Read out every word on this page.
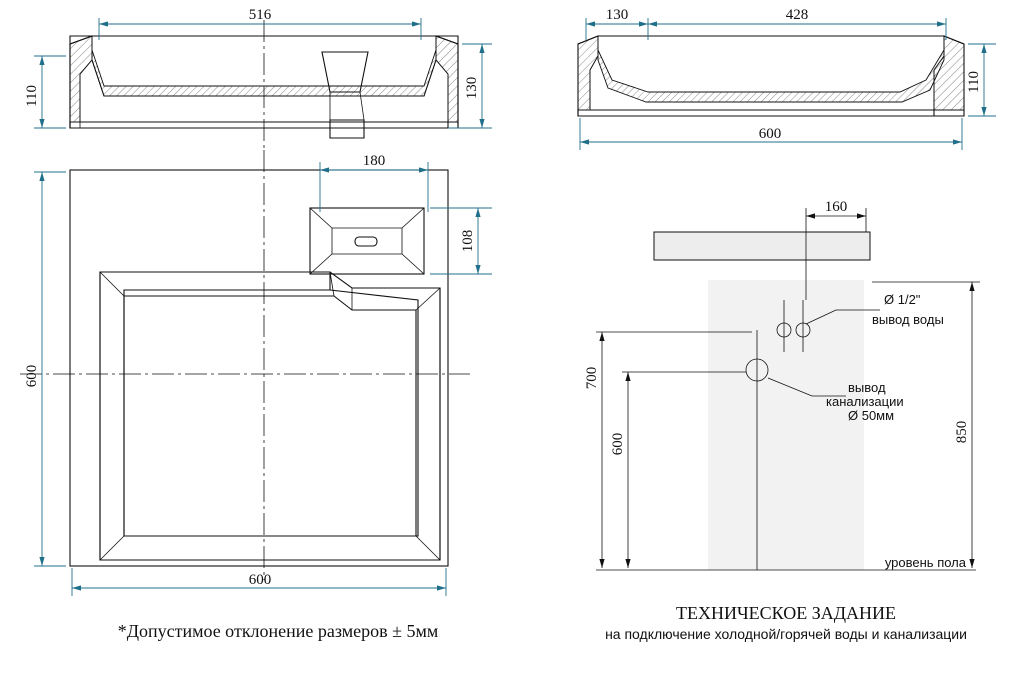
516
110	130
130	428
600
110
180
108
600
600
уровень пола
Ø 1/2"
вывод воды
вывод
канализации
Ø 50мм
160
700
600
850
*Допустимое отклонение размеров ± 5мм
ТЕХНИЧЕСКОЕ ЗАДАНИЕ
на подключение холодной/горячей воды и канализации
